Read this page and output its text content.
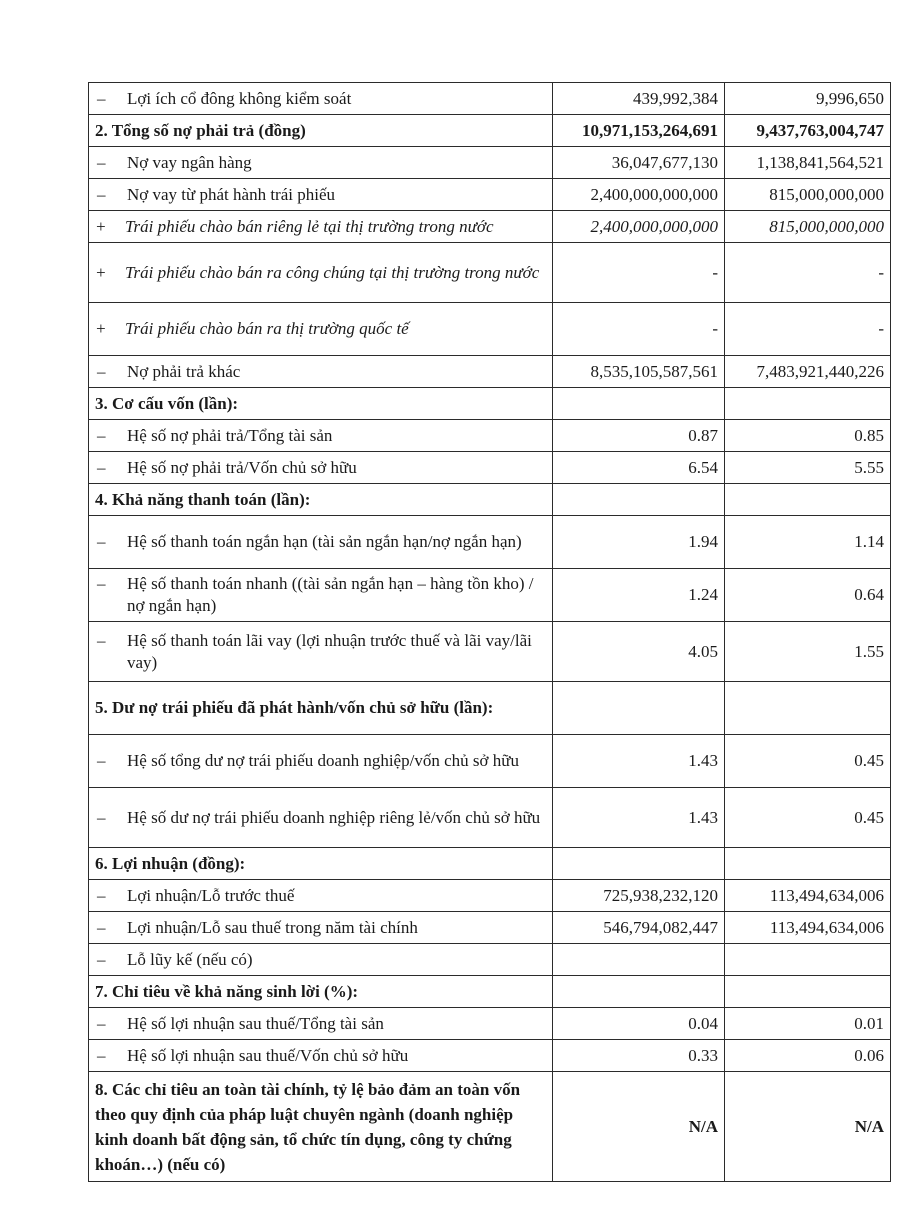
– Lợi ích cổ đông không kiểm soát	439,992,384	9,996,650
2. Tổng số nợ phải trả (đồng)	10,971,153,264,691	9,437,763,004,747
– Nợ vay ngân hàng	36,047,677,130	1,138,841,564,521
– Nợ vay từ phát hành trái phiếu	2,400,000,000,000	815,000,000,000
+ Trái phiếu chào bán riêng lẻ tại thị trường trong nước	2,400,000,000,000	815,000,000,000
+ Trái phiếu chào bán ra công chúng tại thị trường trong nước	-	-
+ Trái phiếu chào bán ra thị trường quốc tế	-	-
– Nợ phải trả khác	8,535,105,587,561	7,483,921,440,226
3. Cơ cấu vốn (lần):		
– Hệ số nợ phải trả/Tổng tài sản	0.87	0.85
– Hệ số nợ phải trả/Vốn chủ sở hữu	6.54	5.55
4. Khả năng thanh toán (lần):		
– Hệ số thanh toán ngắn hạn (tài sản ngắn hạn/nợ ngắn hạn)	1.94	1.14
– Hệ số thanh toán nhanh ((tài sản ngắn hạn – hàng tồn kho) / nợ ngắn hạn)	1.24	0.64
– Hệ số thanh toán lãi vay (lợi nhuận trước thuế và lãi vay/lãi vay)	4.05	1.55
5. Dư nợ trái phiếu đã phát hành/vốn chủ sở hữu (lần):		
– Hệ số tổng dư nợ trái phiếu doanh nghiệp/vốn chủ sở hữu	1.43	0.45
– Hệ số dư nợ trái phiếu doanh nghiệp riêng lẻ/vốn chủ sở hữu	1.43	0.45
6. Lợi nhuận (đồng):		
– Lợi nhuận/Lỗ trước thuế	725,938,232,120	113,494,634,006
– Lợi nhuận/Lỗ sau thuế trong năm tài chính	546,794,082,447	113,494,634,006
– Lỗ lũy kế (nếu có)		
7. Chỉ tiêu về khả năng sinh lời (%):		
– Hệ số lợi nhuận sau thuế/Tổng tài sản	0.04	0.01
– Hệ số lợi nhuận sau thuế/Vốn chủ sở hữu	0.33	0.06
8. Các chỉ tiêu an toàn tài chính, tỷ lệ bảo đảm an toàn vốn theo quy định của pháp luật chuyên ngành (doanh nghiệp kinh doanh bất động sản, tổ chức tín dụng, công ty chứng khoán…) (nếu có)	N/A	N/A
